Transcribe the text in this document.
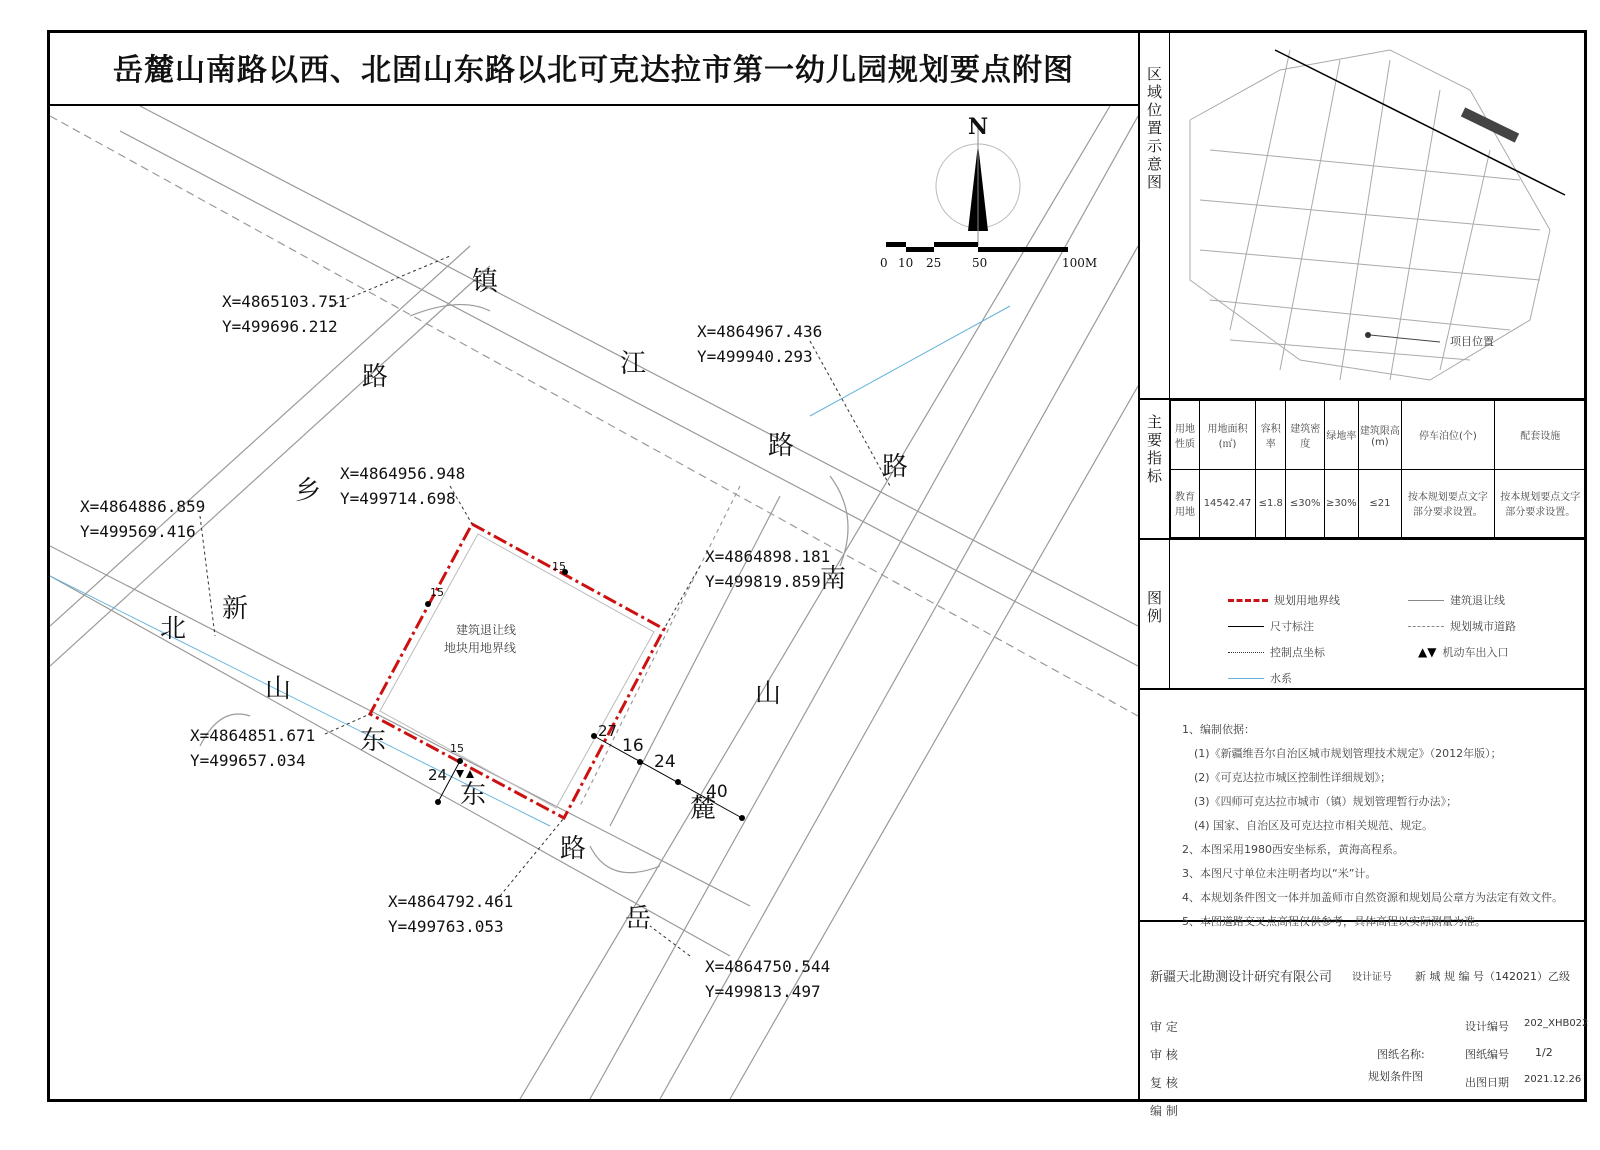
岳麓山南路以西、北固山东路以北可克达拉市第一幼儿园规划要点附图
N
0 10 25	50	100M
镇
江
路
路
乡
新
北
山
东
东
路
路
南
山
麓
岳
X=4865103.751
Y=499696.212	X=4864967.436
Y=499940.293
X=4864956.948
Y=499714.698
X=4864886.859
Y=499569.416
X=4864898.181
Y=499819.859
X=4864851.671
Y=499657.034
X=4864792.461
Y=499763.053
X=4864750.544
Y=499813.497
15
15
27
16
24
40
24
15
建筑退让线
地块用地界线
区域位置示意图
项目位置
主要指标 用地性质	用地面积(㎡)	容积率	建筑密度	绿地率	建筑限高(m)	停车泊位(个)	配套设施
教育用地	14542.47	≤1.8	≤30%	≥30%	≤21	按本规划要点文字部分要求设置。	按本规划要点文字部分要求设置。
图例	规划用地界线	建筑退让线
尺寸标注	规划城市道路
控制点坐标	▲▼ 机动车出入口
水系
1、编制依据：
(1)《新疆维吾尔自治区城市规划管理技术规定》（2012年版）；
(2)《可克达拉市城区控制性详细规划》；
(3)《四师可克达拉市城市（镇）规划管理暂行办法》；
(4) 国家、自治区及可克达拉市相关规范、规定。
2、本图采用1980西安坐标系，黄海高程系。
3、本图尺寸单位未注明者均以“米”计。
4、本规划条件图文一体并加盖师市自然资源和规划局公章方为法定有效文件。
5、本图道路交叉点高程仅供参考，具体高程以实际测量为准。
新疆天北勘测设计研究有限公司 设计证号 新 城 规 编 号（142021）乙级
审 定
审 核
复 核
编 制
设计编号 202_XHB022
图纸名称:
规划条件图
图纸编号 1/2
出图日期 2021.12.26
